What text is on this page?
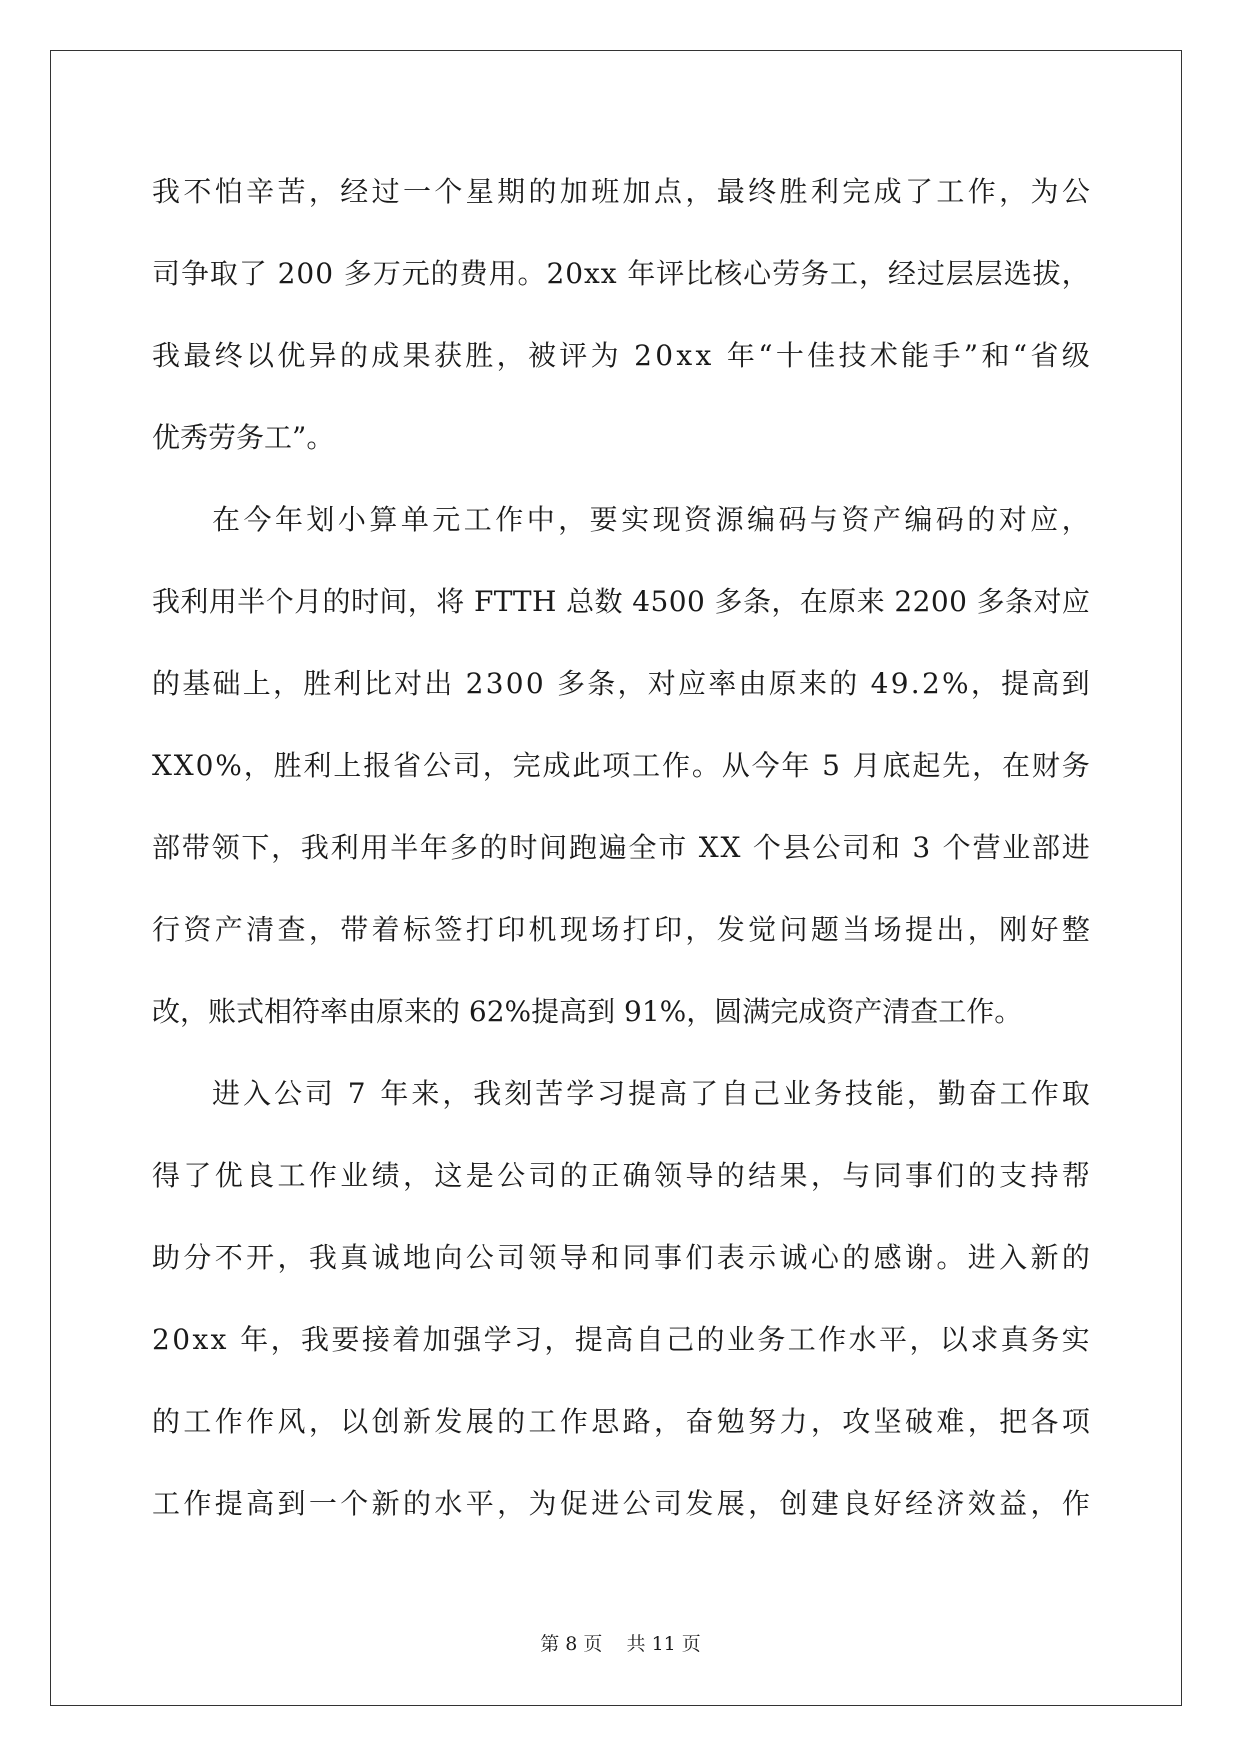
我 不 怕 辛 苦 ， 经 过 一 个 星 期 的 加 班 加 点 ， 最 终 胜 利 完 成 了 工 作 ， 为 公
司 争 取 了
2 0 0
多 万 元 的 费 用 。 2 0 x x
年 评 比 核 心 劳 务 工 ， 经 过 层 层 选 拔 ，
我 最 终 以 优 异 的 成 果 获 胜 ， 被 评 为
2 0 x x
年 “ 十 佳 技 术 能 手 ” 和 “ 省 级
优秀劳务工”。
在 今 年 划 小 算 单 元 工 作 中 ， 要 实 现 资 源 编 码 与 资 产 编 码 的 对 应 ，
我 利 用 半 个 月 的 时 间 ， 将
F T T H
总 数
4 5 0 0
多 条 ， 在 原 来
2 2 0 0
多 条 对 应
的 基 础 上 ， 胜 利 比 对 出
2 3 0 0
多 条 ， 对 应 率 由 原 来 的
4 9 . 2 % ， 提 高 到
X X 0 % ， 胜 利 上 报 省 公 司 ， 完 成 此 项 工 作 。 从 今 年
5
月 底 起 先 ， 在 财 务
部 带 领 下 ， 我 利 用 半 年 多 的 时 间 跑 遍 全 市
X X
个 县 公 司 和
3
个 营 业 部 进
行 资 产 清 查 ， 带 着 标 签 打 印 机 现 场 打 印 ， 发 觉 问 题 当 场 提 出 ， 刚 好 整
改，账式相符率由原来的 62%提高到 91%，圆满完成资产清查工作。
进 入 公 司
7
年 来 ， 我 刻 苦 学 习 提 高 了 自 己 业 务 技 能 ， 勤 奋 工 作 取
得 了 优 良 工 作 业 绩 ， 这 是 公 司 的 正 确 领 导 的 结 果 ， 与 同 事 们 的 支 持 帮
助 分 不 开 ， 我 真 诚 地 向 公 司 领 导 和 同 事 们 表 示 诚 心 的 感 谢 。 进 入 新 的
2 0 x x
年 ， 我 要 接 着 加 强 学 习 ， 提 高 自 己 的 业 务 工 作 水 平 ， 以 求 真 务 实
的 工 作 作 风 ， 以 创 新 发 展 的 工 作 思 路 ， 奋 勉 努 力 ， 攻 坚 破 难 ， 把 各 项
工 作 提 高 到 一 个 新 的 水 平 ， 为 促 进 公 司 发 展 ， 创 建 良 好 经 济 效 益 ， 作
第 8 页    共 11 页
